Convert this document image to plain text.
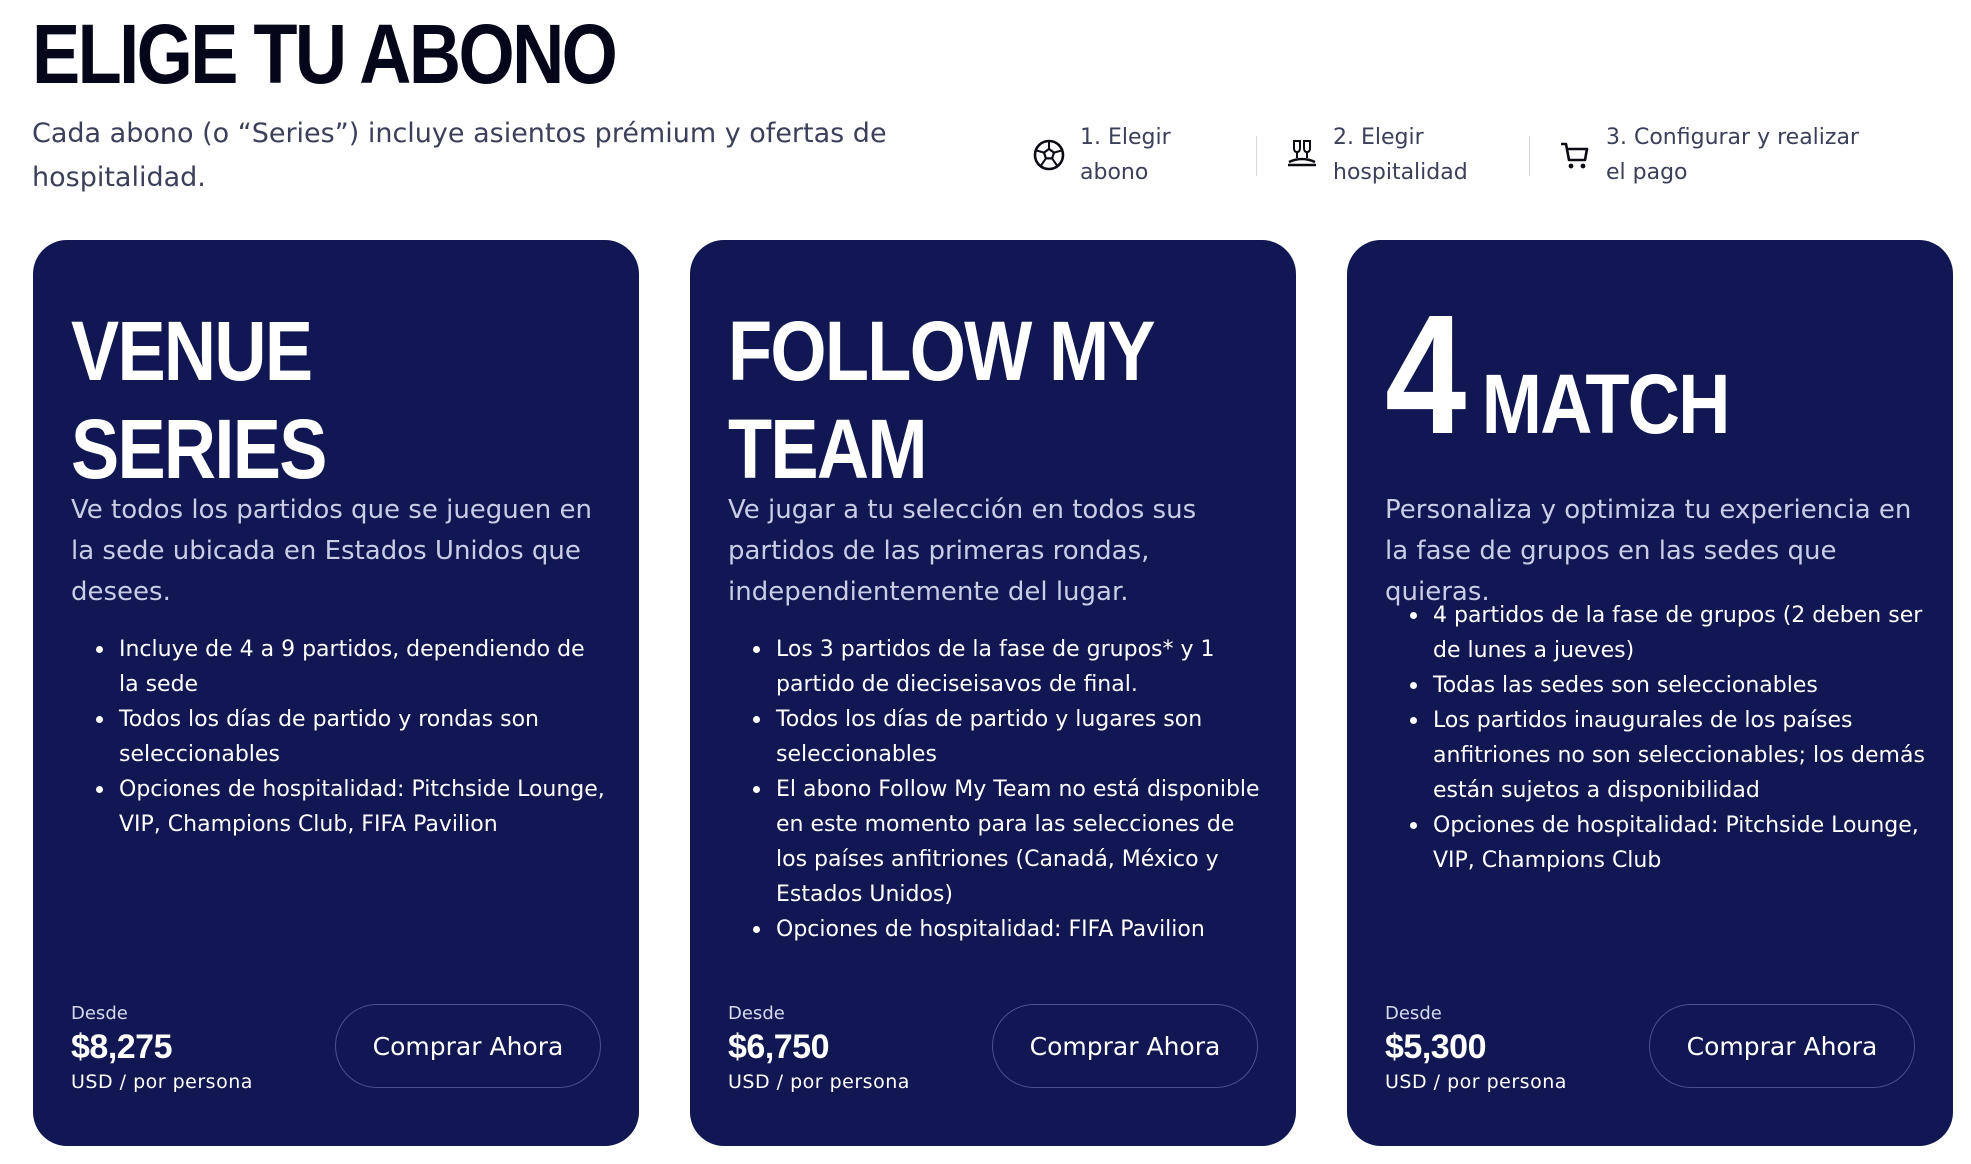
ELIGE TU ABONO

Cada abono (o “Series”) incluye asientos prémium y ofertas de hospitalidad.

1. Elegir abono
2. Elegir hospitalidad
3. Configurar y realizar el pago
VENUE
SERIES

Ve todos los partidos que se jueguen en la sede ubicada en Estados Unidos que desees.

Incluye de 4 a 9 partidos, dependiendo de la sede
Todos los días de partido y rondas son seleccionables
Opciones de hospitalidad: Pitchside Lounge, VIP, Champions Club, FIFA Pavilion
Desde
$8,275
USD / por persona
Comprar Ahora
FOLLOW MY
TEAM

Ve jugar a tu selección en todos sus partidos de las primeras rondas, independientemente del lugar.

Los 3 partidos de la fase de grupos* y 1 partido de dieciseisavos de final.
Todos los días de partido y lugares son seleccionables
El abono Follow My Team no está disponible en este momento para las selecciones de los países anfitriones (Canadá, México y Estados Unidos)
Opciones de hospitalidad: FIFA Pavilion
Desde
$6,750
USD / por persona
Comprar Ahora
4 MATCH

Personaliza y optimiza tu experiencia en la fase de grupos en las sedes que quieras.

4 partidos de la fase de grupos (2 deben ser de lunes a jueves)
Todas las sedes son seleccionables
Los partidos inaugurales de los países anfitriones no son seleccionables; los demás están sujetos a disponibilidad
Opciones de hospitalidad: Pitchside Lounge, VIP, Champions Club
Desde
$5,300
USD / por persona
Comprar Ahora
